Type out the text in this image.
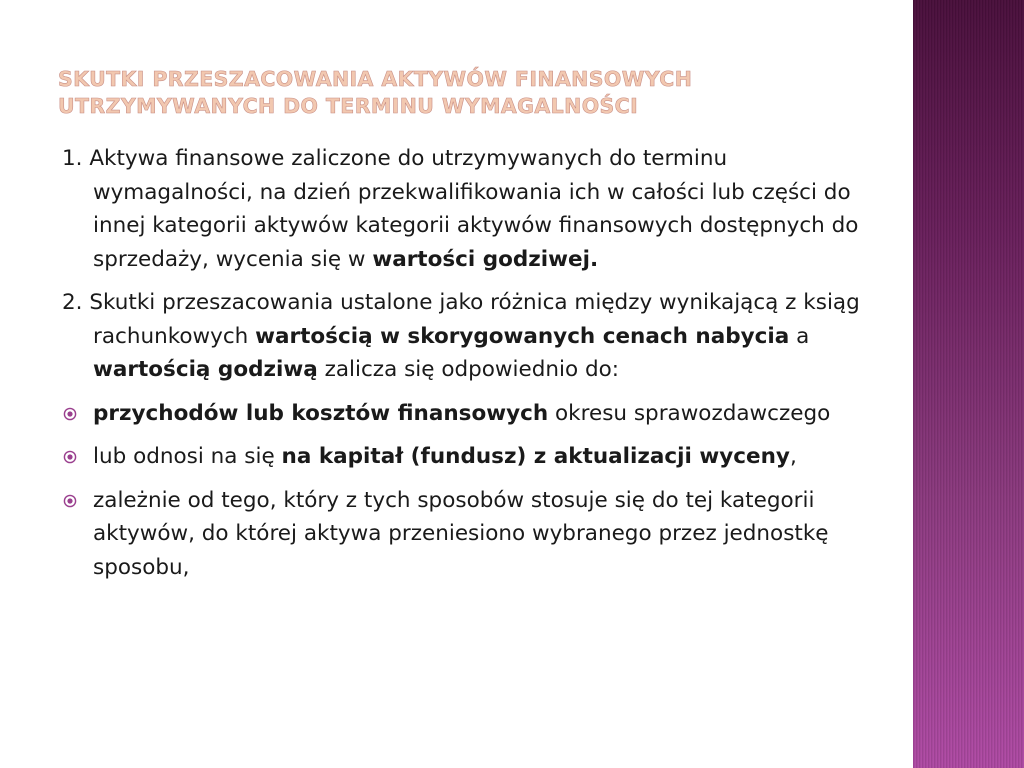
SKUTKI PRZESZACOWANIA AKTYWÓW FINANSOWYCH
UTRZYMYWANYCH DO TERMINU WYMAGALNOŚCI

1. Aktywa finansowe zaliczone do utrzymywanych do terminu wymagalności, na dzień przekwalifikowania ich w całości lub części do innej kategorii aktywów kategorii aktywów finansowych dostępnych do sprzedaży, wycenia się w wartości godziwej.

2. Skutki przeszacowania ustalone jako różnica między wynikającą z ksiąg rachunkowych wartością w skorygowanych cenach nabycia a wartością godziwą zalicza się odpowiednio do:

przychodów lub kosztów finansowych okresu sprawozdawczego
lub odnosi na się na kapitał (fundusz) z aktualizacji wyceny,
zależnie od tego, który z tych sposobów stosuje się do tej kategorii aktywów, do której aktywa przeniesiono wybranego przez jednostkę sposobu,
